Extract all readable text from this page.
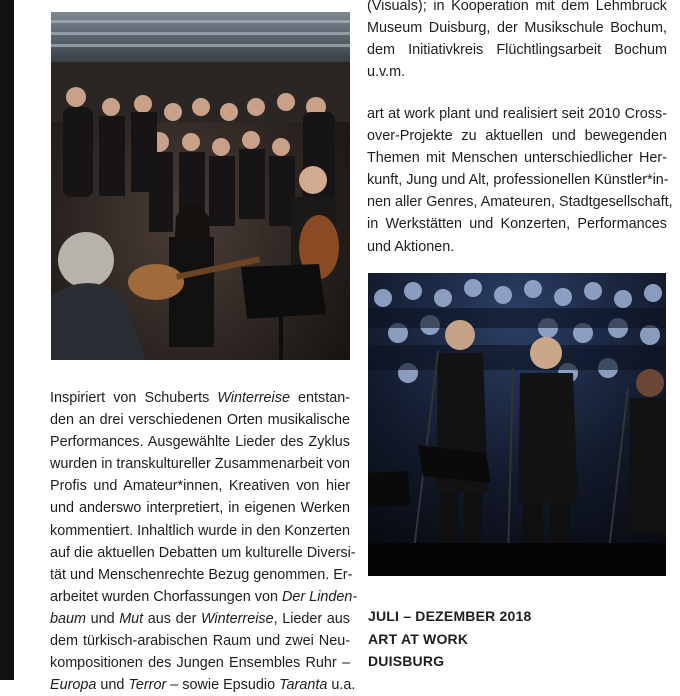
(Visuals); in Kooperation mit dem Lehmbruck
Museum Duisburg, der Musikschule Bochum,
dem Initiativkreis Flüchtlingsarbeit Bochum
u.v.m.

art at work plant und realisiert seit 2010 Cross-
over-Projekte zu aktuellen und bewegenden
Themen mit Menschen unterschiedlicher Her-
kunft, Jung und Alt, professionellen Künstler*in-
nen aller Genres, Amateuren, Stadtgesellschaft,
in Werkstätten und Konzerten, Performances
und Aktionen.

Inspiriert von Schuberts Winterreise entstan-
den an drei verschiedenen Orten musikalische
Performances. Ausgewählte Lieder des Zyklus
wurden in transkultureller Zusammenarbeit von
Profis und Amateur*innen, Kreativen von hier
und anderswo interpretiert, in eigenen Werken
kommentiert. Inhaltlich wurde in den Konzerten
auf die aktuellen Debatten um kulturelle Diversi-
tät und Menschenrechte Bezug genommen. Er-
arbeitet wurden Chorfassungen von Der Linden-
baum und Mut aus der Winterreise, Lieder aus
dem türkisch-arabischen Raum und zwei Neu-
kompositionen des Jungen Ensembles Ruhr –
Europa und Terror – sowie Epsudio Taranta u.a.

JULI – DEZEMBER 2018
ART AT WORK
DUISBURG
